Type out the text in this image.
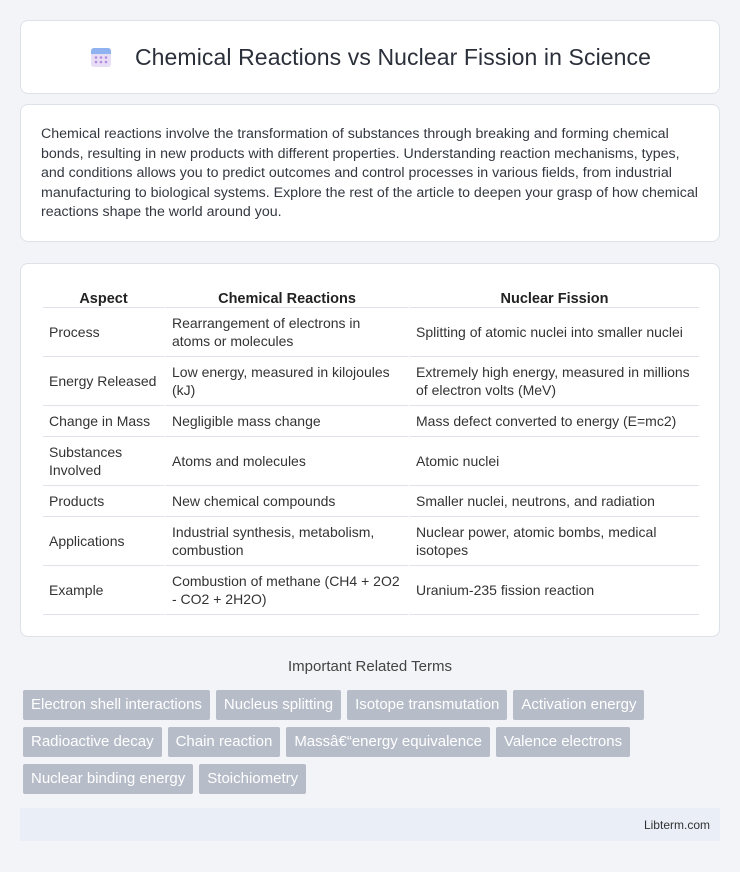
Chemical Reactions vs Nuclear Fission in Science

Chemical reactions involve the transformation of substances through breaking and forming chemical bonds, resulting in new products with different properties. Understanding reaction mechanisms, types, and conditions allows you to predict outcomes and control processes in various fields, from industrial manufacturing to biological systems. Explore the rest of the article to deepen your grasp of how chemical reactions shape the world around you.

Aspect	Chemical Reactions	Nuclear Fission
Process	Rearrangement of electrons in atoms or molecules	Splitting of atomic nuclei into smaller nuclei
Energy Released	Low energy, measured in kilojoules (kJ)	Extremely high energy, measured in millions of electron volts (MeV)
Change in Mass	Negligible mass change	Mass defect converted to energy (E=mc2)
Substances Involved	Atoms and molecules	Atomic nuclei
Products	New chemical compounds	Smaller nuclei, neutrons, and radiation
Applications	Industrial synthesis, metabolism, combustion	Nuclear power, atomic bombs, medical isotopes
Example	Combustion of methane (CH4 + 2O2 - CO2 + 2H2O)	Uranium-235 fission reaction
Important Related Terms
Electron shell interactions	Nucleus splitting	Isotope transmutation	Activation energy
Radioactive decay	Chain reaction	Massâ€“energy equivalence	Valence electrons
Nuclear binding energy	Stoichiometry
Libterm.com
